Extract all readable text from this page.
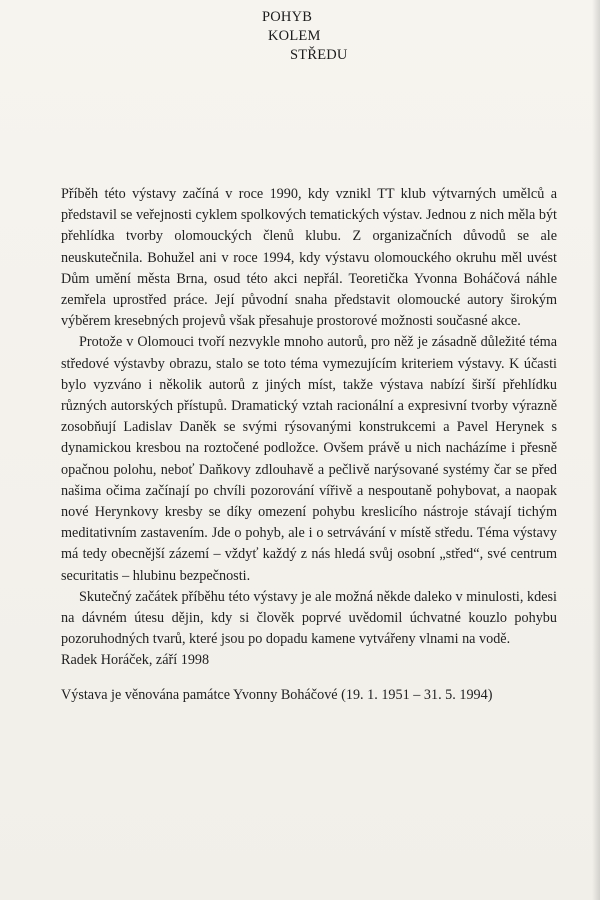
POHYB
KOLEM
STŘEDU

Příběh této výstavy začíná v roce 1990, kdy vznikl TT klub výtvarných umělců a představil se veřejnosti cyklem spolkových tematických výstav. Jednou z nich měla být přehlídka tvorby olomouckých členů klubu. Z organizačních důvodů se ale neuskutečnila. Bohužel ani v roce 1994, kdy výstavu olomouckého okruhu měl uvést Dům umění města Brna, osud této akci nepřál. Teoretička Yvonna Boháčová náhle zemřela uprostřed práce. Její původní snaha představit olomoucké autory širokým výběrem kresebných projevů však přesahuje prostorové možnosti současné akce.

Protože v Olomouci tvoří nezvykle mnoho autorů, pro něž je zásadně důležité téma středové výstavby obrazu, stalo se toto téma vymezujícím kriteriem výstavy. K účasti bylo vyzváno i několik autorů z jiných míst, takže výstava nabízí širší přehlídku různých autorských přístupů. Dramatický vztah racionální a expresivní tvorby výrazně zosobňují Ladislav Daněk se svými rýsovanými konstrukcemi a Pavel Herynek s dynamickou kresbou na roztočené podložce. Ovšem právě u nich nacházíme i přesně opačnou polohu, neboť Daňkovy zdlouhavě a pečlivě narýsované systémy čar se před našima očima začínají po chvíli pozorování vířivě a nespoutaně pohybovat, a naopak nové Herynkovy kresby se díky omezení pohybu kreslicího nástroje stávají tichým meditativním zastavením. Jde o pohyb, ale i o setrvávání v místě středu. Téma výstavy má tedy obecnější zázemí – vždyť každý z nás hledá svůj osobní „střed“, své centrum securitatis – hlubinu bezpečnosti.

Skutečný začátek příběhu této výstavy je ale možná někde daleko v minulosti, kdesi na dávném útesu dějin, kdy si člověk poprvé uvědomil úchvatné kouzlo pohybu pozoruhodných tvarů, které jsou po dopadu kamene vytvářeny vlnami na vodě.

Radek Horáček, září 1998

Výstava je věnována památce Yvonny Boháčové (19. 1. 1951 – 31. 5. 1994)
